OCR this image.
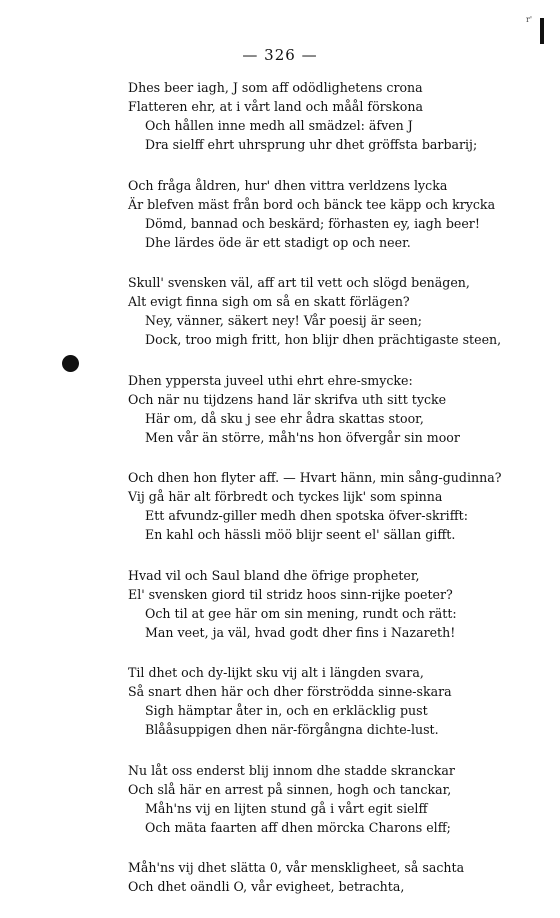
r'
— 326 —
Dhes beer iagh, J som aff odödlighetens crona
Flatteren ehr, at i vårt land och måål förskona
Och hållen inne medh all smädzel: äfven J
Dra sielff ehrt uhrsprung uhr dhet gröffsta barbarij;
Och fråga åldren, hur' dhen vittra verldzens lycka
Är blefven mäst från bord och bänck tee käpp och krycka
Dömd, bannad och beskärd; förhasten ey, iagh beer!
Dhe lärdes öde är ett stadigt op och neer.
Skull' svensken väl, aff art til vett och slögd benägen,
Alt evigt finna sigh om så en skatt förlägen?
Ney, vänner, säkert ney! Vår poesij är seen;
Dock, troo migh fritt, hon blijr dhen prächtigaste steen,
Dhen yppersta juveel uthi ehrt ehre-smycke:
Och när nu tijdzens hand lär skrifva uth sitt tycke
Här om, då sku j see ehr ådra skattas stoor,
Men vår än större, måh'ns hon öfvergår sin moor
Och dhen hon flyter aff. — Hvart hänn, min sång-gudinna?
Vij gå här alt förbredt och tyckes lijk' som spinna
Ett afvundz-giller medh dhen spotska öfver-skrifft:
En kahl och hässli möö blijr seent el' sällan gifft.
Hvad vil och Saul bland dhe öfrige propheter,
El' svensken giord til stridz hoos sinn-rijke poeter?
Och til at gee här om sin mening, rundt och rätt:
Man veet, ja väl, hvad godt dher fins i Nazareth!
Til dhet och dy-lijkt sku vij alt i längden svara,
Så snart dhen här och dher förströdda sinne-skara
Sigh hämptar åter in, och en erkläcklig pust
Blååsuppigen dhen när-förgångna dichte-lust.
Nu låt oss enderst blij innom dhe stadde skranckar
Och slå här en arrest på sinnen, hogh och tanckar,
Måh'ns vij en lijten stund gå i vårt egit sielff
Och mäta faarten aff dhen mörcka Charons elff;
Måh'ns vij dhet slätta 0, vår menskligheet, så sachta
Och dhet oändli O, vår evigheet, betrachta,
